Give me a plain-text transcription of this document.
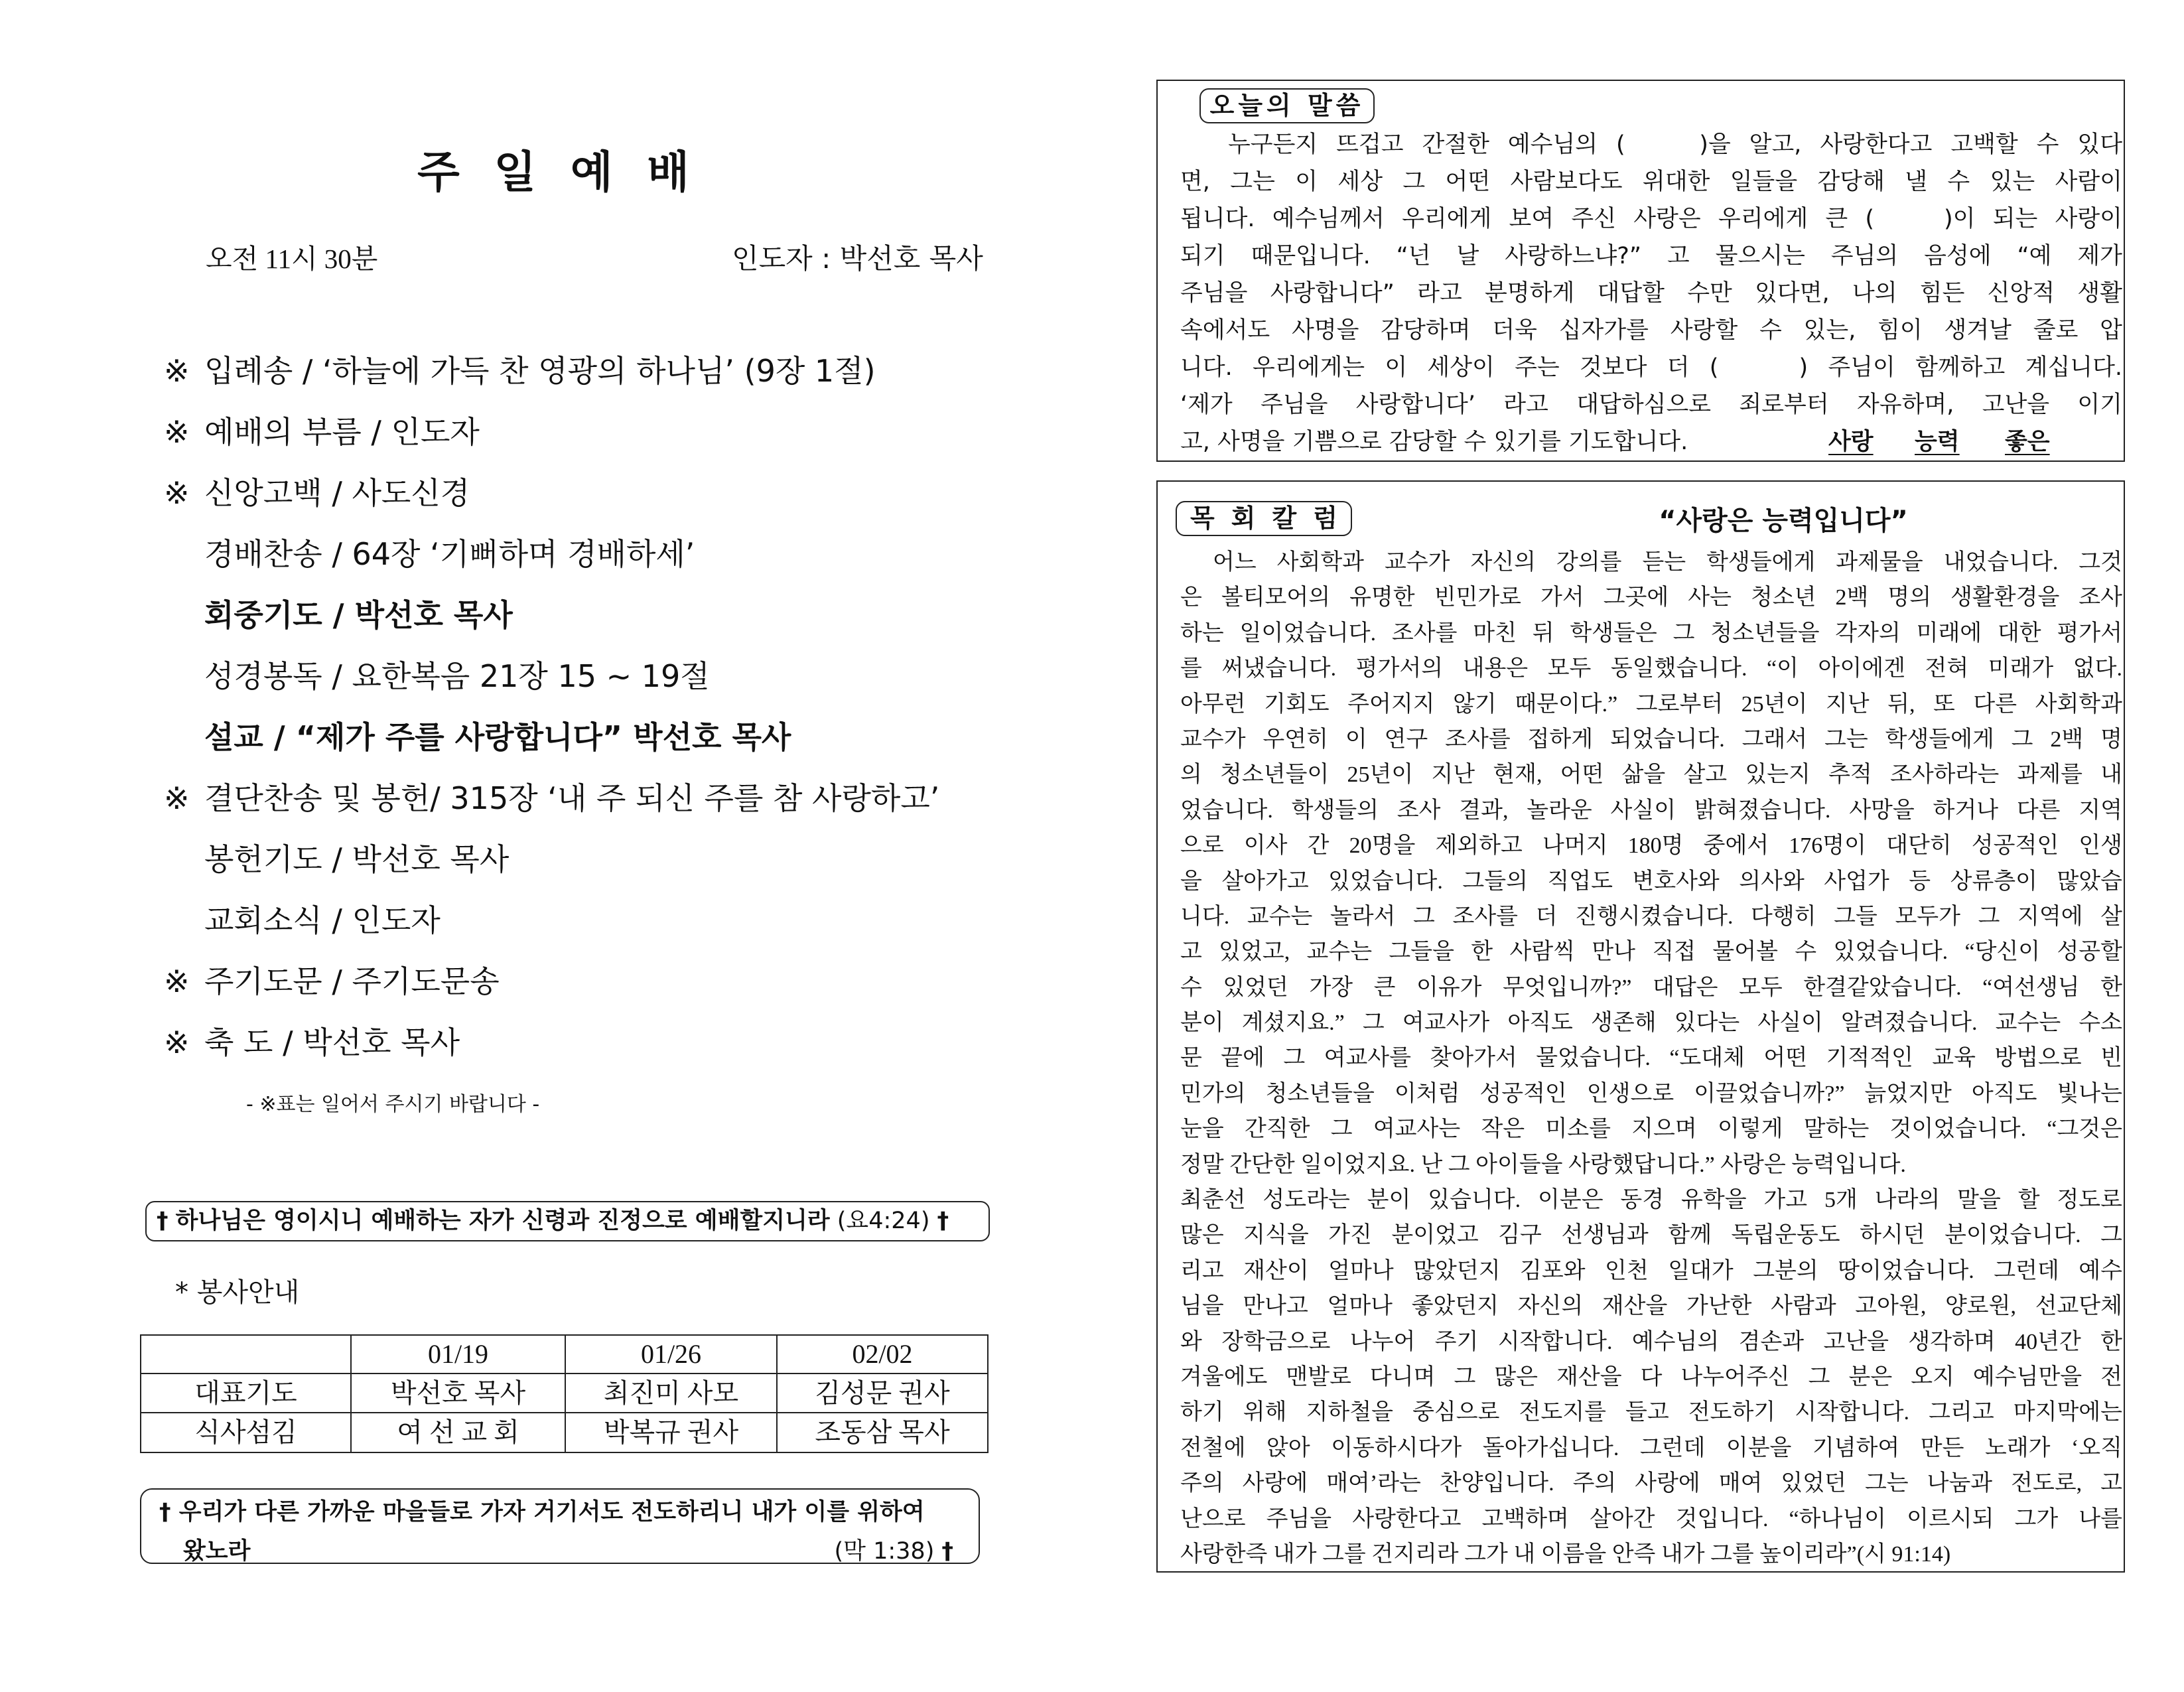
주 일 예 배
오전 11시 30분	인도자 : 박선호 목사
※ 입례송 / ‘하늘에 가득 찬 영광의 하나님’ (9장 1절)
※ 예배의 부름 / 인도자
※ 신앙고백 / 사도신경
경배찬송 / 64장 ‘기뻐하며 경배하세’
회중기도 / 박선호 목사
성경봉독 / 요한복음 21장 15 ~ 19절
설교 / “제가 주를 사랑합니다” 박선호 목사
※ 결단찬송 및 봉헌/ 315장 ‘내 주 되신 주를 참 사랑하고’
봉헌기도 / 박선호 목사
교회소식 / 인도자
※ 주기도문 / 주기도문송
※ 축 도 / 박선호 목사
- ※표는 일어서 주시기 바랍니다 -
† 하나님은 영이시니 예배하는 자가 신령과 진정으로 예배할지니라 (요4:24) †
* 봉사안내
	01/19	01/26	02/02
대표기도	박선호 목사	최진미 사모	김성문 권사
식사섬김	여 선 교 회	박복규 권사	조동삼 목사
† 우리가 다른 가까운 마을들로 가자 거기서도 전도하리니 내가 이를 위하여
왔노라	(막 1:38) †
오늘의 말씀
누구든지 뜨겁고 간절한 예수님의 (    )을 알고, 사랑한다고 고백할 수 있다
면, 그는 이 세상 그 어떤 사람보다도 위대한 일들을 감당해 낼 수 있는 사람이
됩니다. 예수님께서 우리에게 보여 주신 사랑은 우리에게 큰 (    )이 되는 사랑이
되기 때문입니다. “넌 날 사랑하느냐?” 고 물으시는 주님의 음성에 “예 제가
주님을 사랑합니다” 라고 분명하게 대답할 수만 있다면, 나의 힘든 신앙적 생활
속에서도 사명을 감당하며 더욱 십자가를 사랑할 수 있는, 힘이 생겨날 줄로 압
니다. 우리에게는 이 세상이 주는 것보다 더 (    ) 주님이 함께하고 계십니다.
‘제가 주님을 사랑합니다’ 라고 대답하심으로 죄로부터 자유하며, 고난을 이기
고, 사명을 기쁨으로 감당할 수 있기를 기도합니다.	사랑 능력 좋은
목 회 칼 럼	“사랑은 능력입니다”
어느 사회학과 교수가 자신의 강의를 듣는 학생들에게 과제물을 내었습니다. 그것
은 볼티모어의 유명한 빈민가로 가서 그곳에 사는 청소년 2백 명의 생활환경을 조사
하는 일이었습니다. 조사를 마친 뒤 학생들은 그 청소년들을 각자의 미래에 대한 평가서
를 써냈습니다. 평가서의 내용은 모두 동일했습니다. “이 아이에겐 전혀 미래가 없다.
아무런 기회도 주어지지 않기 때문이다.” 그로부터 25년이 지난 뒤, 또 다른 사회학과
교수가 우연히 이 연구 조사를 접하게 되었습니다. 그래서 그는 학생들에게 그 2백 명
의 청소년들이 25년이 지난 현재, 어떤 삶을 살고 있는지 추적 조사하라는 과제를 내
었습니다. 학생들의 조사 결과, 놀라운 사실이 밝혀졌습니다. 사망을 하거나 다른 지역
으로 이사 간 20명을 제외하고 나머지 180명 중에서 176명이 대단히 성공적인 인생
을 살아가고 있었습니다. 그들의 직업도 변호사와 의사와 사업가 등 상류층이 많았습
니다. 교수는 놀라서 그 조사를 더 진행시켰습니다. 다행히 그들 모두가 그 지역에 살
고 있었고, 교수는 그들을 한 사람씩 만나 직접 물어볼 수 있었습니다. “당신이 성공할
수 있었던 가장 큰 이유가 무엇입니까?” 대답은 모두 한결같았습니다. “여선생님 한
분이 계셨지요.” 그 여교사가 아직도 생존해 있다는 사실이 알려졌습니다. 교수는 수소
문 끝에 그 여교사를 찾아가서 물었습니다. “도대체 어떤 기적적인 교육 방법으로 빈
민가의 청소년들을 이처럼 성공적인 인생으로 이끌었습니까?” 늙었지만 아직도 빛나는
눈을 간직한 그 여교사는 작은 미소를 지으며 이렇게 말하는 것이었습니다. “그것은
정말 간단한 일이었지요. 난 그 아이들을 사랑했답니다.” 사랑은 능력입니다.
최춘선 성도라는 분이 있습니다. 이분은 동경 유학을 가고 5개 나라의 말을 할 정도로
많은 지식을 가진 분이었고 김구 선생님과 함께 독립운동도 하시던 분이었습니다. 그
리고 재산이 얼마나 많았던지 김포와 인천 일대가 그분의 땅이었습니다. 그런데 예수
님을 만나고 얼마나 좋았던지 자신의 재산을 가난한 사람과 고아원, 양로원, 선교단체
와 장학금으로 나누어 주기 시작합니다. 예수님의 겸손과 고난을 생각하며 40년간 한
겨울에도 맨발로 다니며 그 많은 재산을 다 나누어주신 그 분은 오지 예수님만을 전
하기 위해 지하철을 중심으로 전도지를 들고 전도하기 시작합니다. 그리고 마지막에는
전철에 앉아 이동하시다가 돌아가십니다. 그런데 이분을 기념하여 만든 노래가 ‘오직
주의 사랑에 매여’라는 찬양입니다. 주의 사랑에 매여 있었던 그는 나눔과 전도로, 고
난으로 주님을 사랑한다고 고백하며 살아간 것입니다. “하나님이 이르시되 그가 나를
사랑한즉 내가 그를 건지리라 그가 내 이름을 안즉 내가 그를 높이리라”(시 91:14)
